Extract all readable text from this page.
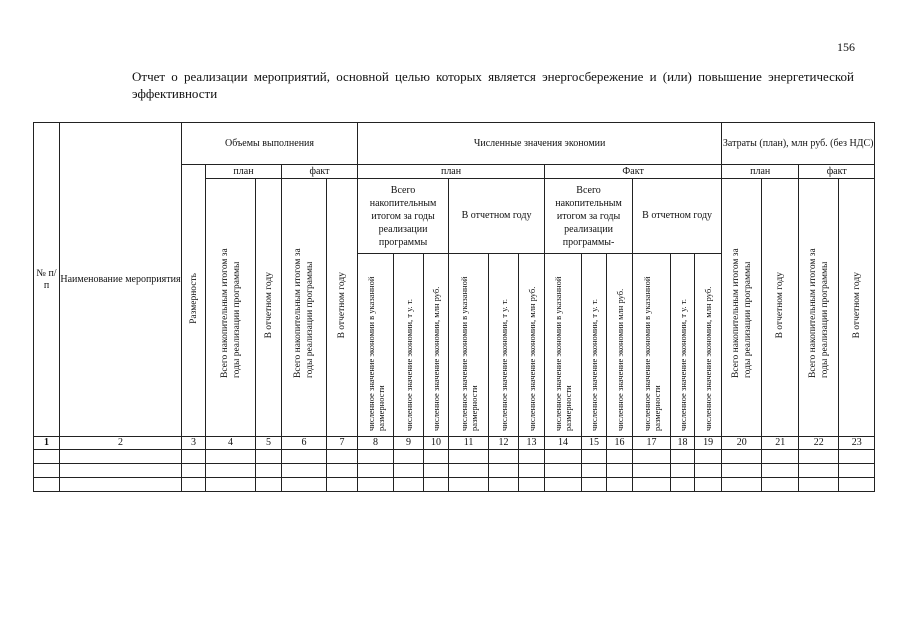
156
Отчет о реализации мероприятий, основной целью которых является энергосбережение и (или) повышение энергетической эффективности
№ п/ п	Наименование мероприятия	Объемы выполнения					Численные значения экономии												Затраты (план), млн руб. (без НДС)			
		Размерность	план		факт		план						Факт						план		факт	
			Всего накопительным итогом за годы реализации программы	В отчетном году	Всего накопительным итогом за годы реализации программы	В отчетном году	Всего накопительным итогом за годы реализации программы			В отчетном году			Всего накопительным итогом за годы реализации программы-			В отчетном году			Всего накопительным итогом за годы реализации программы	В отчетном году	Всего накопительным итогом за годы реализации программы	В отчетном году
							численное значение экономии в указанной размерности	численное значение экономии, т у. т.	численное значение экономии, млн руб.	численное значение экономии в указанной размерности	численное значение экономии, т у. т.	численное значение экономии, млн руб.	численное значение экономии в указанной размерности	численное значение экономии, т у. т.	численное значение экономии млн руб.	численное значение экономии в указанной размерности	численное значение экономии, т у. т.	численное значение экономии, млн руб.				
1	2	3	4	5	6	7	8	9	10	11	12	13	14	15	16	17	18	19	20	21	22	23
